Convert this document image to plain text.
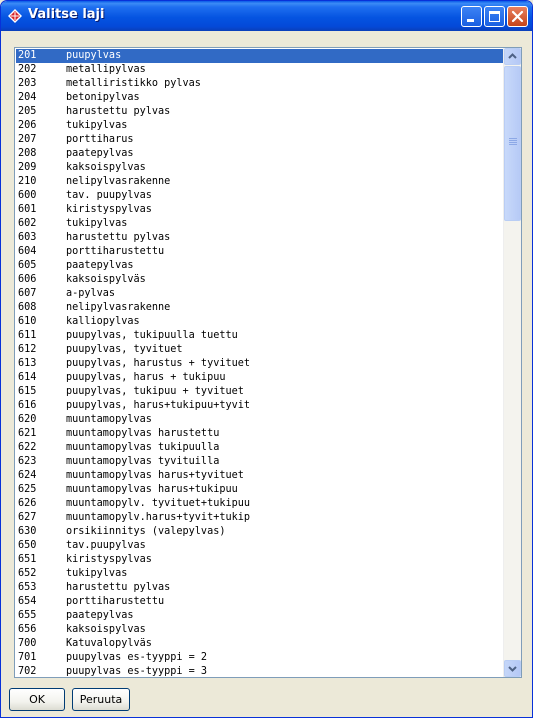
Valitse laji
201	puupylvas
202	metallipylvas
203	metalliristikko pylvas
204	betonipylvas
205	harustettu pylvas
206	tukipylvas
207	porttiharus
208	paatepylvas
209	kaksoispylvas
210	nelipylvasrakenne
600	tav. puupylvas
601	kiristyspylvas
602	tukipylvas
603	harustettu pylvas
604	porttiharustettu
605	paatepylvas
606	kaksoispylväs
607	a-pylvas
608	nelipylvasrakenne
610	kalliopylvas
611	puupylvas, tukipuulla tuettu
612	puupylvas, tyvituet
613	puupylvas, harustus + tyvituet
614	puupylvas, harus + tukipuu
615	puupylvas, tukipuu + tyvituet
616	puupylvas, harus+tukipuu+tyvit
620	muuntamopylvas
621	muuntamopylvas harustettu
622	muuntamopylvas tukipuulla
623	muuntamopylvas tyvituilla
624	muuntamopylvas harus+tyvituet
625	muuntamopylvas harus+tukipuu
626	muuntamopylv. tyvituet+tukipuu
627	muuntamopylv.harus+tyvit+tukip
630	orsikiinnitys (valepylvas)
650	tav.puupylvas
651	kiristyspylvas
652	tukipylvas
653	harustettu pylvas
654	porttiharustettu
655	paatepylvas
656	kaksoispylvas
700	Katuvalopylväs
701	puupylvas es-tyyppi = 2
702	puupylvas es-tyyppi = 3
OK	Peruuta
